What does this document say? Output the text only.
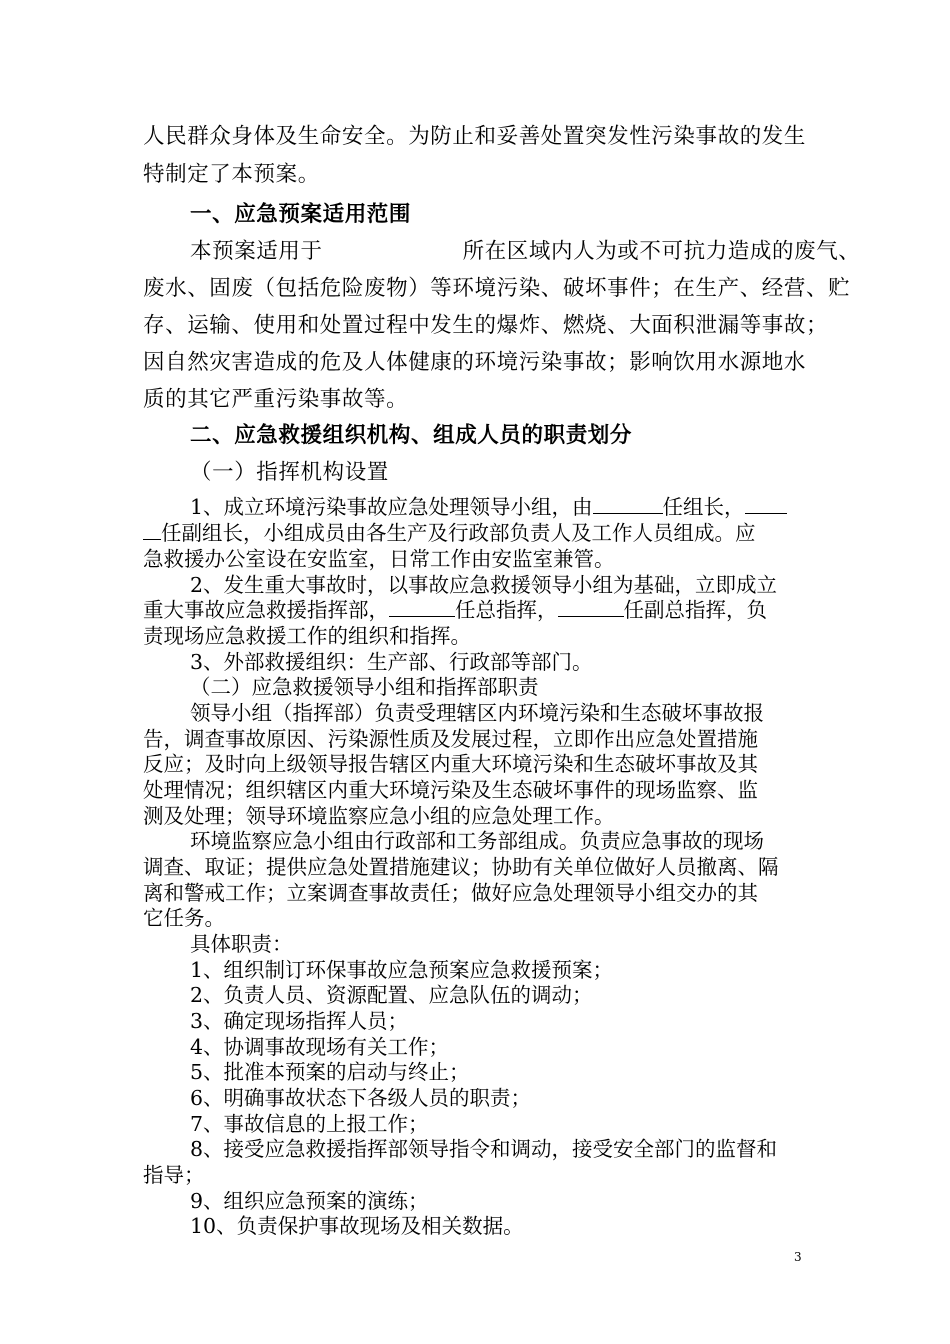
人民群众身体及生命安全。为防止和妥善处置突发性污染事故的发生
特制定了本预案。
一、应急预案适用范围
本预案适用于	所在区域内人为或不可抗力造成的废气、
废水、固废（包括危险废物）等环境污染、破坏事件；在生产、经营、贮
存、运输、使用和处置过程中发生的爆炸、燃烧、大面积泄漏等事故；
因自然灾害造成的危及人体健康的环境污染事故；影响饮用水源地水
质的其它严重污染事故等。
二、应急救援组织机构、组成人员的职责划分
（一）指挥机构设置
1、成立环境污染事故应急处理领导小组，由	任组长，
任副组长，小组成员由各生产及行政部负责人及工作人员组成。应
急救援办公室设在安监室，日常工作由安监室兼管。
2、发生重大事故时，以事故应急救援领导小组为基础，立即成立
重大事故应急救援指挥部，	任总指挥，	任副总指挥，负
责现场应急救援工作的组织和指挥。
3、外部救援组织：生产部、行政部等部门。
（二）应急救援领导小组和指挥部职责
领导小组（指挥部）负责受理辖区内环境污染和生态破坏事故报
告，调查事故原因、污染源性质及发展过程，立即作出应急处置措施
反应；及时向上级领导报告辖区内重大环境污染和生态破坏事故及其
处理情况；组织辖区内重大环境污染及生态破坏事件的现场监察、监
测及处理；领导环境监察应急小组的应急处理工作。
环境监察应急小组由行政部和工务部组成。负责应急事故的现场
调查、取证；提供应急处置措施建议；协助有关单位做好人员撤离、隔
离和警戒工作；立案调查事故责任；做好应急处理领导小组交办的其
它任务。
具体职责：
1、组织制订环保事故应急预案应急救援预案；
2、负责人员、资源配置、应急队伍的调动；
3、确定现场指挥人员；
4、协调事故现场有关工作；
5、批准本预案的启动与终止；
6、明确事故状态下各级人员的职责；
7、事故信息的上报工作；
8、接受应急救援指挥部领导指令和调动，接受安全部门的监督和
指导；
9、组织应急预案的演练；
10、负责保护事故现场及相关数据。
3
